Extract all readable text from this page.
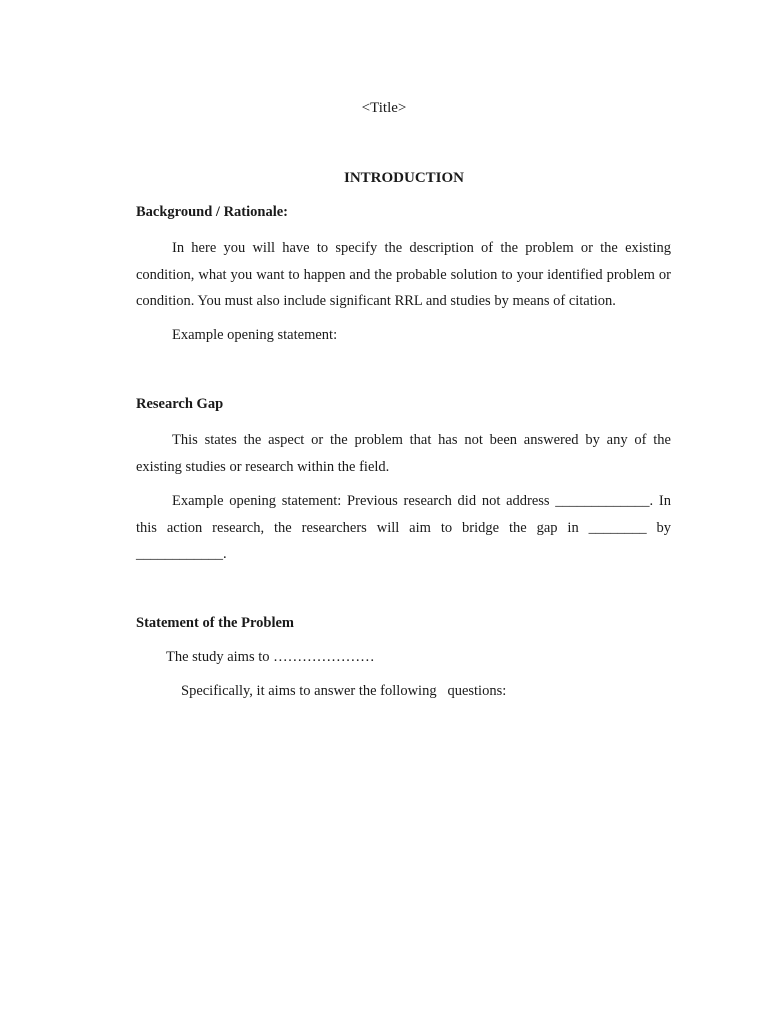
<Title>
INTRODUCTION
Background / Rationale:
In here you will have to specify the description of the problem or the existing condition, what you want to happen and the probable solution to your identified problem or condition. You must also include significant RRL and studies by means of citation.
Example opening statement:
Research Gap
This states the aspect or the problem that has not been answered by any of the existing studies or research within the field.
Example opening statement: Previous research did not address _____________. In this action research, the researchers will aim to bridge the gap in ________ by ____________.
Statement of the Problem
The study aims to …………………
Specifically, it aims to answer the following   questions:
